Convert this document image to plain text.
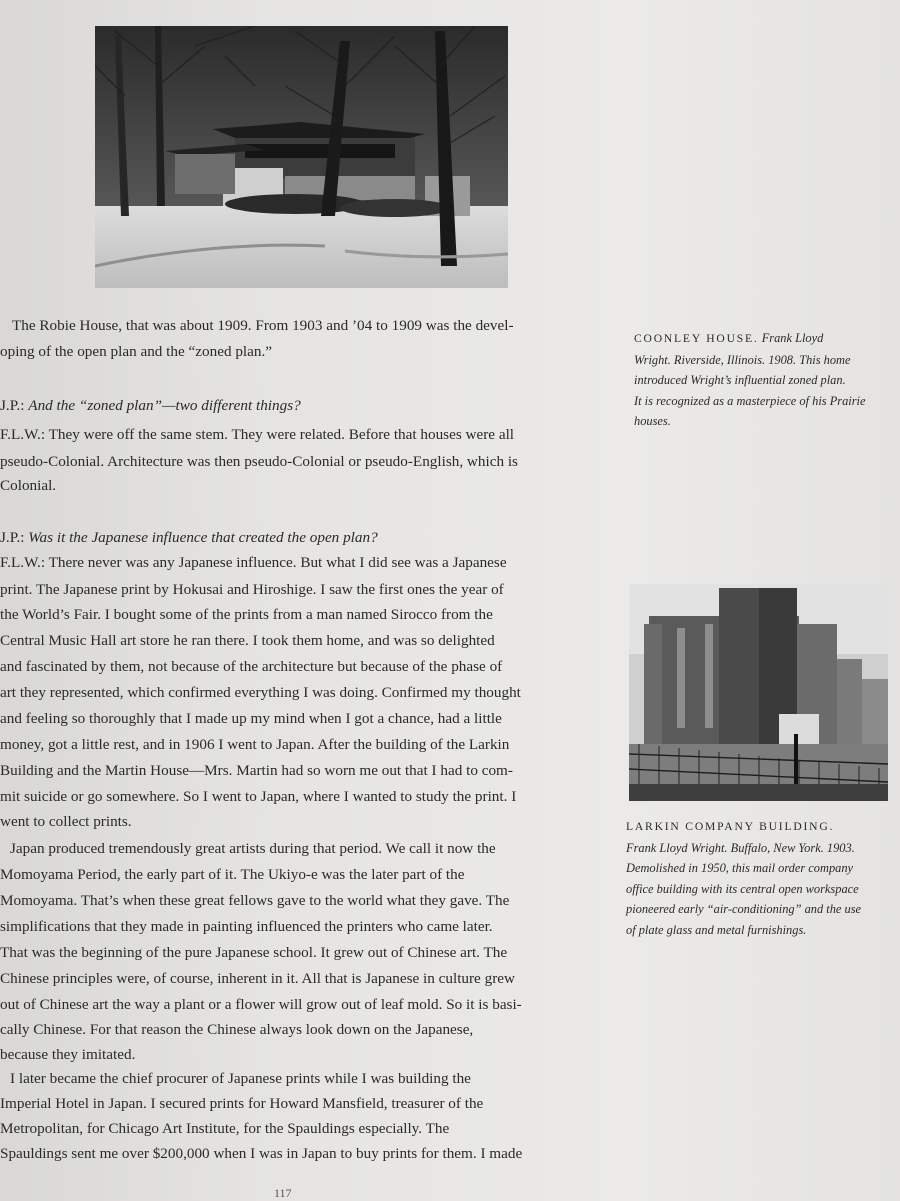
The Robie House, that was about 1909. From 1903 and ’04 to 1909 was the devel-
oping of the open plan and the “zoned plan.”
J.P.: And the “zoned plan”—two different things?
F.L.W.: They were off the same stem. They were related. Before that houses were all
pseudo-Colonial. Architecture was then pseudo-Colonial or pseudo-English, which is
Colonial.
J.P.: Was it the Japanese influence that created the open plan?
F.L.W.: There never was any Japanese influence. But what I did see was a Japanese
print. The Japanese print by Hokusai and Hiroshige. I saw the first ones the year of
the World’s Fair. I bought some of the prints from a man named Sirocco from the
Central Music Hall art store he ran there. I took them home, and was so delighted
and fascinated by them, not because of the architecture but because of the phase of
art they represented, which confirmed everything I was doing. Confirmed my thought
and feeling so thoroughly that I made up my mind when I got a chance, had a little
money, got a little rest, and in 1906 I went to Japan. After the building of the Larkin
Building and the Martin House—Mrs. Martin had so worn me out that I had to com-
mit suicide or go somewhere. So I went to Japan, where I wanted to study the print. I
went to collect prints.
Japan produced tremendously great artists during that period. We call it now the
Momoyama Period, the early part of it. The Ukiyo-e was the later part of the
Momoyama. That’s when these great fellows gave to the world what they gave. The
simplifications that they made in painting influenced the printers who came later.
That was the beginning of the pure Japanese school. It grew out of Chinese art. The
Chinese principles were, of course, inherent in it. All that is Japanese in culture grew
out of Chinese art the way a plant or a flower will grow out of leaf mold. So it is basi-
cally Chinese. For that reason the Chinese always look down on the Japanese,
because they imitated.
I later became the chief procurer of Japanese prints while I was building the
Imperial Hotel in Japan. I secured prints for Howard Mansfield, treasurer of the
Metropolitan, for Chicago Art Institute, for the Spauldings especially. The
Spauldings sent me over $200,000 when I was in Japan to buy prints for them. I made
COONLEY HOUSE. Frank Lloyd
Wright. Riverside, Illinois. 1908. This home
introduced Wright’s influential zoned plan.
It is recognized as a masterpiece of his Prairie
houses.
LARKIN COMPANY BUILDING.
Frank Lloyd Wright. Buffalo, New York. 1903.
Demolished in 1950, this mail order company
office building with its central open workspace
pioneered early “air-conditioning” and the use
of plate glass and metal furnishings.
117
